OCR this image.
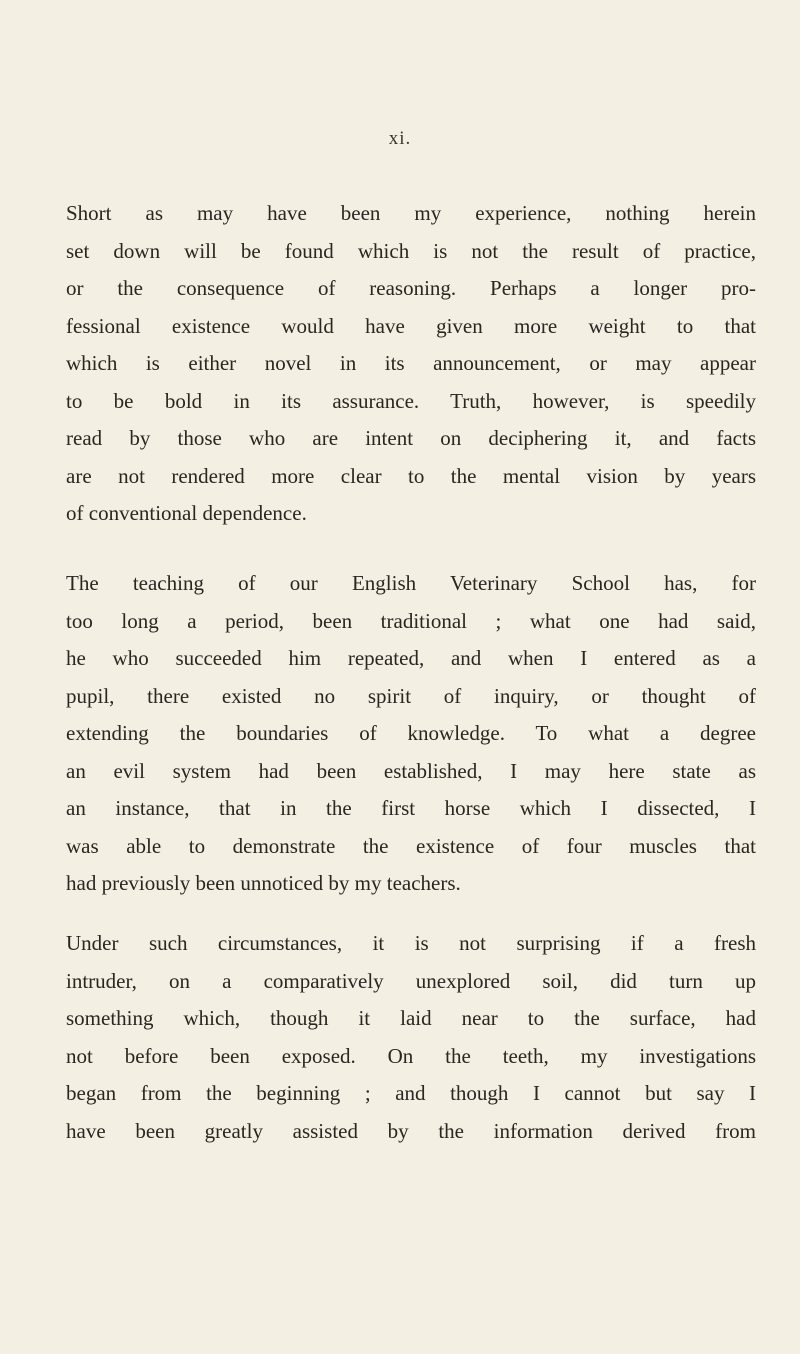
xi.
Short as may have been my experience, nothing herein
set down will be found which is not the result of practice,
or the consequence of reasoning. Perhaps a longer pro-
fessional existence would have given more weight to that
which is either novel in its announcement, or may appear
to be bold in its assurance. Truth, however, is speedily
read by those who are intent on deciphering it, and facts
are not rendered more clear to the mental vision by years
of conventional dependence.
The teaching of our English Veterinary School has, for
too long a period, been traditional ; what one had said,
he who succeeded him repeated, and when I entered as a
pupil, there existed no spirit of inquiry, or thought of
extending the boundaries of knowledge. To what a degree
an evil system had been established, I may here state as
an instance, that in the first horse which I dissected, I
was able to demonstrate the existence of four muscles that
had previously been unnoticed by my teachers.
Under such circumstances, it is not surprising if a fresh
intruder, on a comparatively unexplored soil, did turn up
something which, though it laid near to the surface, had
not before been exposed. On the teeth, my investigations
began from the beginning ; and though I cannot but say I
have been greatly assisted by the information derived from
